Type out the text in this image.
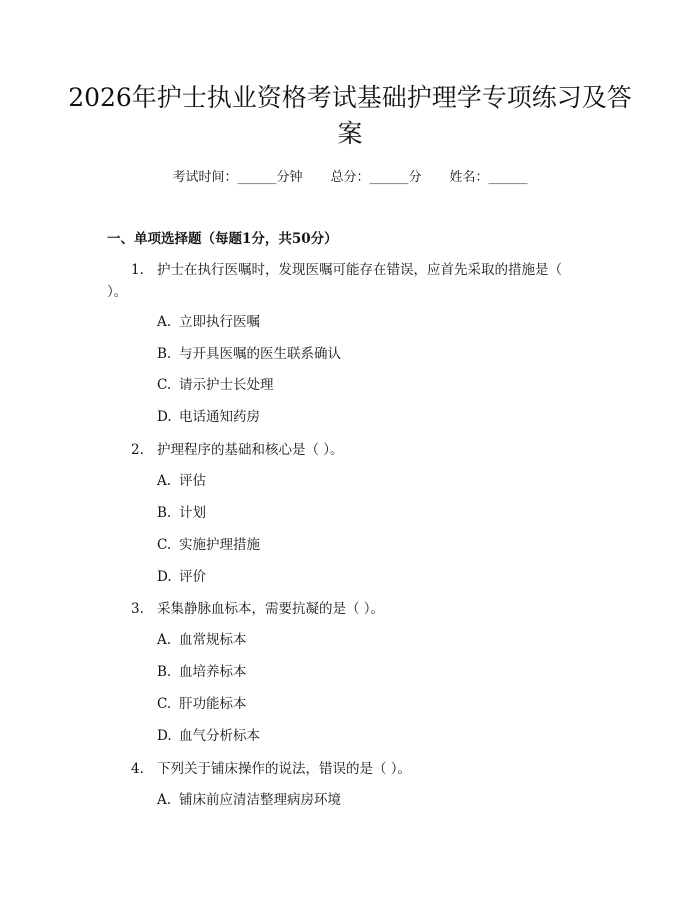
2026年护士执业资格考试基础护理学专项练习及答案
考试时间：______分钟 总分：______分 姓名：______
一、单项选择题（每题1分，共50分）
1. 护士在执行医嘱时，发现医嘱可能存在错误，应首先采取的措施是（ ）。
A. 立即执行医嘱
B. 与开具医嘱的医生联系确认
C. 请示护士长处理
D. 电话通知药房
2. 护理程序的基础和核心是（ ）。
A. 评估
B. 计划
C. 实施护理措施
D. 评价
3. 采集静脉血标本，需要抗凝的是（ ）。
A. 血常规标本
B. 血培养标本
C. 肝功能标本
D. 血气分析标本
4. 下列关于铺床操作的说法，错误的是（ ）。
A. 铺床前应清洁整理病房环境
